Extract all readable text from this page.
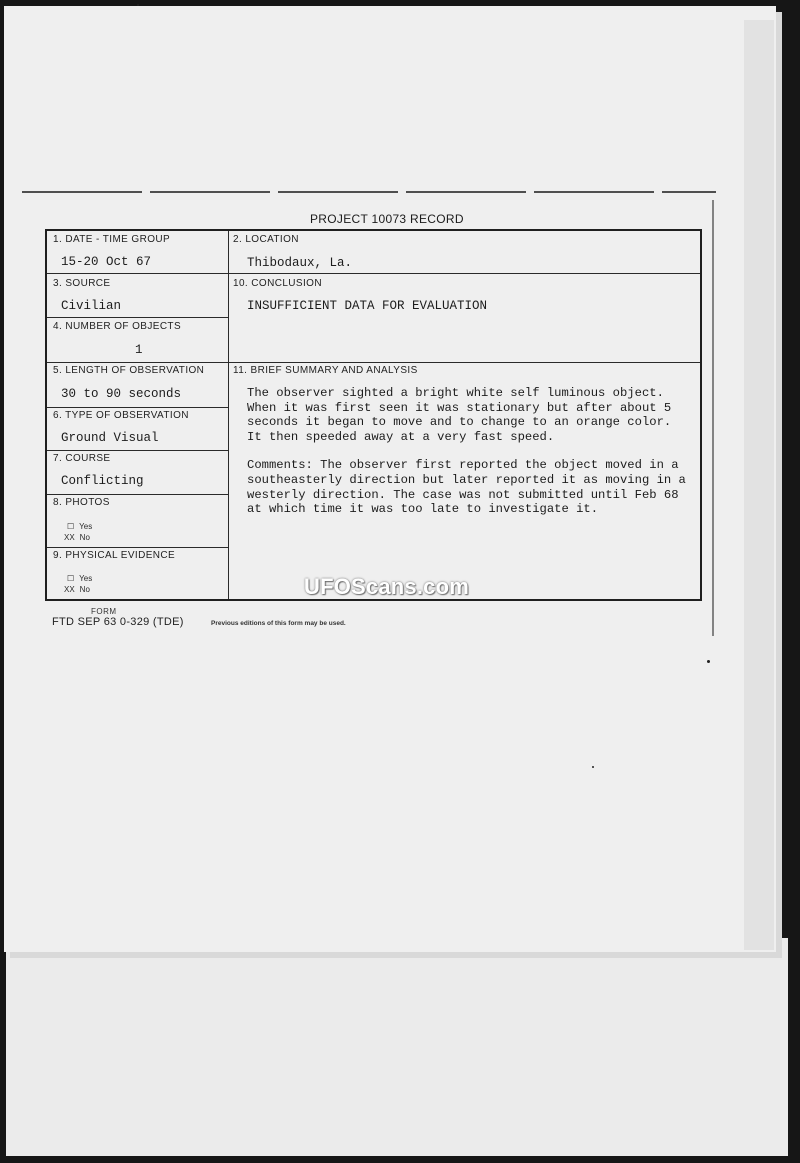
PROJECT 10073 RECORD
1. DATE - TIME GROUP
15-20 Oct 67
2. LOCATION
Thibodaux, La.
3. SOURCE
Civilian
10. CONCLUSION
INSUFFICIENT DATA FOR EVALUATION
4. NUMBER OF OBJECTS
1
5. LENGTH OF OBSERVATION
30 to 90 seconds
11. BRIEF SUMMARY AND ANALYSIS

The observer sighted a bright white self luminous object. When it was first seen it was stationary but after about 5 seconds it began to move and to change to an orange color. It then speeded away at a very fast speed.

Comments: The observer first reported the object moved in a southeasterly direction but later reported it as moving in a westerly direction. The case was not submitted until Feb 68 at which time it was too late to investigate it.

6. TYPE OF OBSERVATION
Ground Visual
7. COURSE
Conflicting
8. PHOTOS
☐ Yes
XX No
9. PHYSICAL EVIDENCE
☐ Yes
XX No
FORM
FTD SEP 63 0-329 (TDE)	Previous editions of this form may be used.
UFOScans.com
